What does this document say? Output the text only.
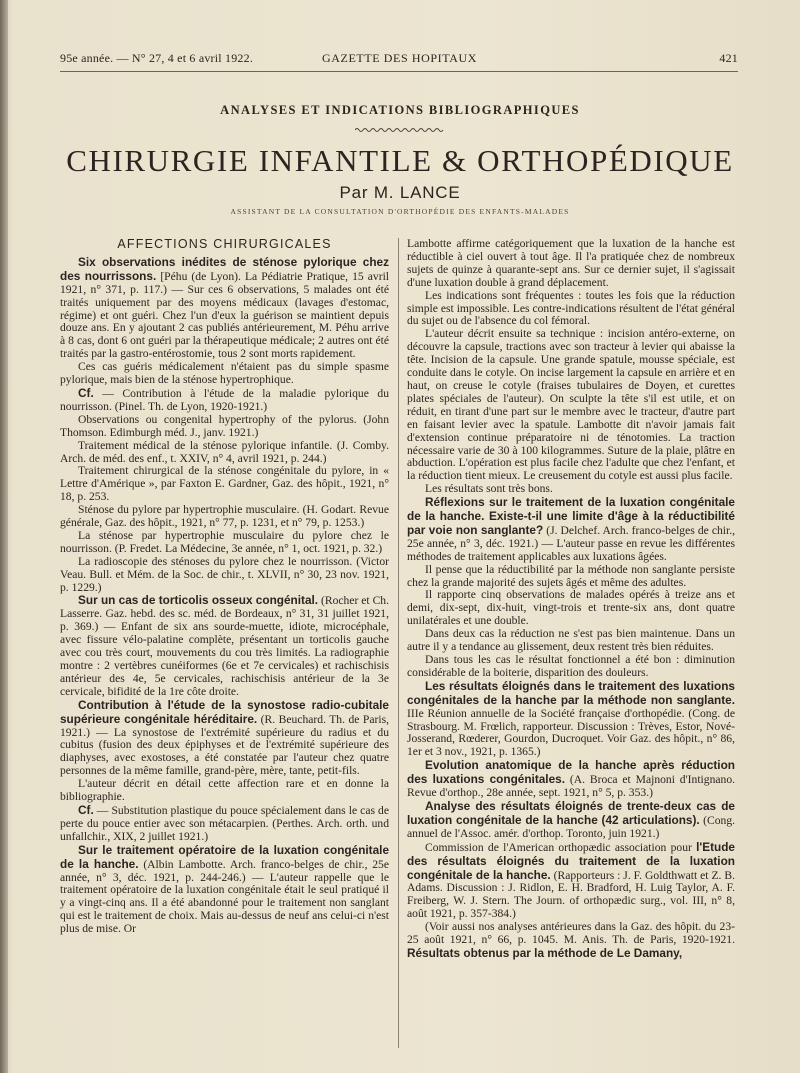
95e année. — N° 27, 4 et 6 avril 1922.	GAZETTE DES HOPITAUX	421
ANALYSES ET INDICATIONS BIBLIOGRAPHIQUES
CHIRURGIE INFANTILE & ORTHOPÉDIQUE
Par M. LANCE
ASSISTANT DE LA CONSULTATION D'ORTHOPÉDIE DES ENFANTS-MALADES
AFFECTIONS CHIRURGICALES

Six observations inédites de sténose pylorique chez des nourrissons. [Péhu (de Lyon). La Pédiatrie Pratique, 15 avril 1921, n° 371, p. 117.) — Sur ces 6 observations, 5 malades ont été traités uniquement par des moyens médicaux (lavages d'estomac, régime) et ont guéri. Chez l'un d'eux la guérison se maintient depuis douze ans. En y ajoutant 2 cas publiés antérieurement, M. Péhu arrive à 8 cas, dont 6 ont guéri par la thérapeutique médicale; 2 autres ont été traités par la gastro-entérostomie, tous 2 sont morts rapidement.

Ces cas guéris médicalement n'étaient pas du simple spasme pylorique, mais bien de la sténose hypertrophique.

Cf. — Contribution à l'étude de la maladie pylorique du nourrisson. (Pinel. Th. de Lyon, 1920-1921.)

Observations ou congenital hypertrophy of the pylorus. (John Thomson. Edimburgh méd. J., janv. 1921.)

Traitement médical de la sténose pylorique infantile. (J. Comby. Arch. de méd. des enf., t. XXIV, n° 4, avril 1921, p. 244.)

Traitement chirurgical de la sténose congénitale du pylore, in « Lettre d'Amérique », par Faxton E. Gardner, Gaz. des hôpit., 1921, n° 18, p. 253.

Sténose du pylore par hypertrophie musculaire. (H. Godart. Revue générale, Gaz. des hôpit., 1921, n° 77, p. 1231, et n° 79, p. 1253.)

La sténose par hypertrophie musculaire du pylore chez le nourrisson. (P. Fredet. La Médecine, 3e année, n° 1, oct. 1921, p. 32.)

La radioscopie des sténoses du pylore chez le nourrisson. (Victor Veau. Bull. et Mém. de la Soc. de chir., t. XLVII, n° 30, 23 nov. 1921, p. 1229.)

Sur un cas de torticolis osseux congénital. (Rocher et Ch. Lasserre. Gaz. hebd. des sc. méd. de Bordeaux, n° 31, 31 juillet 1921, p. 369.) — Enfant de six ans sourde-muette, idiote, microcéphale, avec fissure vélo-palatine complète, présentant un torticolis gauche avec cou très court, mouvements du cou très limités. La radiographie montre : 2 vertèbres cunéiformes (6e et 7e cervicales) et rachischisis antérieur des 4e, 5e cervicales, rachischisis antérieur de la 3e cervicale, bifidité de la 1re côte droite.

Contribution à l'étude de la synostose radio-cubitale supérieure congénitale héréditaire. (R. Beuchard. Th. de Paris, 1921.) — La synostose de l'extrémité supérieure du radius et du cubitus (fusion des deux épiphyses et de l'extrémité supérieure des diaphyses, avec exostoses, a été constatée par l'auteur chez quatre personnes de la même famille, grand-père, mère, tante, petit-fils.

L'auteur décrit en détail cette affection rare et en donne la bibliographie.

Cf. — Substitution plastique du pouce spécialement dans le cas de perte du pouce entier avec son métacarpien. (Perthes. Arch. orth. und unfallchir., XIX, 2 juillet 1921.)

Sur le traitement opératoire de la luxation congénitale de la hanche. (Albin Lambotte. Arch. franco-belges de chir., 25e année, n° 3, déc. 1921, p. 244-246.) — L'auteur rappelle que le traitement opératoire de la luxation congénitale était le seul pratiqué il y a vingt-cinq ans. Il a été abandonné pour le traitement non sanglant qui est le traitement de choix. Mais au-dessus de neuf ans celui-ci n'est plus de mise. Or

Lambotte affirme catégoriquement que la luxation de la hanche est réductible à ciel ouvert à tout âge. Il l'a pratiquée chez de nombreux sujets de quinze à quarante-sept ans. Sur ce dernier sujet, il s'agissait d'une luxation double à grand déplacement.

Les indications sont fréquentes : toutes les fois que la réduction simple est impossible. Les contre-indications résultent de l'état général du sujet ou de l'absence du col fémoral.

L'auteur décrit ensuite sa technique : incision antéro-externe, on découvre la capsule, tractions avec son tracteur à levier qui abaisse la tête. Incision de la capsule. Une grande spatule, mousse spéciale, est conduite dans le cotyle. On incise largement la capsule en arrière et en haut, on creuse le cotyle (fraises tubulaires de Doyen, et curettes plates spéciales de l'auteur). On sculpte la tête s'il est utile, et on réduit, en tirant d'une part sur le membre avec le tracteur, d'autre part en faisant levier avec la spatule. Lambotte dit n'avoir jamais fait d'extension continue préparatoire ni de ténotomies. La traction nécessaire varie de 30 à 100 kilogrammes. Suture de la plaie, plâtre en abduction. L'opération est plus facile chez l'adulte que chez l'enfant, et la réduction tient mieux. Le creusement du cotyle est aussi plus facile.

Les résultats sont très bons.

Réflexions sur le traitement de la luxation congénitale de la hanche. Existe-t-il une limite d'âge à la réductibilité par voie non sanglante? (J. Delchef. Arch. franco-belges de chir., 25e année, n° 3, déc. 1921.) — L'auteur passe en revue les différentes méthodes de traitement applicables aux luxations âgées.

Il pense que la réductibilité par la méthode non sanglante persiste chez la grande majorité des sujets âgés et même des adultes.

Il rapporte cinq observations de malades opérés à treize ans et demi, dix-sept, dix-huit, vingt-trois et trente-six ans, dont quatre unilatérales et une double.

Dans deux cas la réduction ne s'est pas bien maintenue. Dans un autre il y a tendance au glissement, deux restent très bien réduites.

Dans tous les cas le résultat fonctionnel a été bon : diminution considérable de la boiterie, disparition des douleurs.

Les résultats éloignés dans le traitement des luxations congénitales de la hanche par la méthode non sanglante. IIIe Réunion annuelle de la Société française d'orthopédie. (Cong. de Strasbourg. M. Frœlich, rapporteur. Discussion : Trèves, Estor, Nové-Josserand, Rœderer, Gourdon, Ducroquet. Voir Gaz. des hôpit., n° 86, 1er et 3 nov., 1921, p. 1365.)

Evolution anatomique de la hanche après réduction des luxations congénitales. (A. Broca et Majnoni d'Intignano. Revue d'orthop., 28e année, sept. 1921, n° 5, p. 353.)

Analyse des résultats éloignés de trente-deux cas de luxation congénitale de la hanche (42 articulations). (Cong. annuel de l'Assoc. amér. d'orthop. Toronto, juin 1921.)

Commission de l'American orthopædic association pour l'Etude des résultats éloignés du traitement de la luxation congénitale de la hanche. (Rapporteurs : J. F. Goldthwatt et Z. B. Adams. Discussion : J. Ridlon, E. H. Bradford, H. Luig Taylor, A. F. Freiberg, W. J. Stern. The Journ. of orthopædic surg., vol. III, n° 8, août 1921, p. 357-384.)

(Voir aussi nos analyses antérieures dans la Gaz. des hôpit. du 23-25 août 1921, n° 66, p. 1045. M. Anis. Th. de Paris, 1920-1921. Résultats obtenus par la méthode de Le Damany,
